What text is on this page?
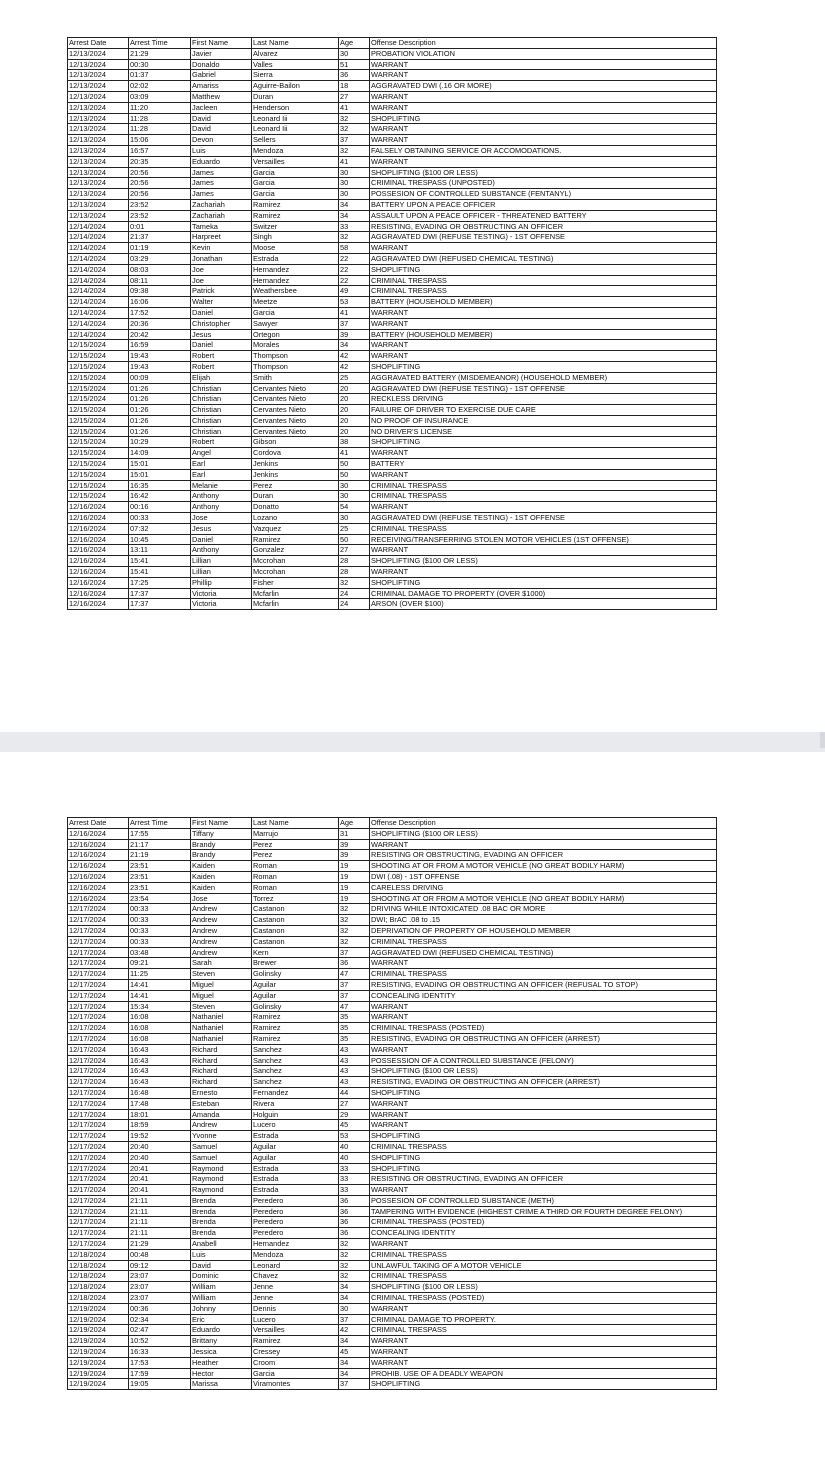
Arrest Date	Arrest Time	First Name	Last Name	Age	Offense Description
12/13/2024	21:29	Javier	Alvarez	30	PROBATION VIOLATION
12/13/2024	00:30	Donaldo	Valles	51	WARRANT
12/13/2024	01:37	Gabriel	Sierra	36	WARRANT
12/13/2024	02:02	Amariss	Aguirre-Bailon	18	AGGRAVATED DWI (.16 OR MORE)
12/13/2024	03:09	Matthew	Duran	27	WARRANT
12/13/2024	11:20	Jacleen	Henderson	41	WARRANT
12/13/2024	11:28	David	Leonard Iii	32	SHOPLIFTING
12/13/2024	11:28	David	Leonard Iii	32	WARRANT
12/13/2024	15:06	Devon	Sellers	37	WARRANT
12/13/2024	16:57	Luis	Mendoza	32	FALSELY OBTAINING SERVICE OR ACCOMODATIONS.
12/13/2024	20:35	Eduardo	Versailles	41	WARRANT
12/13/2024	20:56	James	Garcia	30	SHOPLIFTING ($100 OR LESS)
12/13/2024	20:56	James	Garcia	30	CRIMINAL TRESPASS (UNPOSTED)
12/13/2024	20:56	James	Garcia	30	POSSESION OF CONTROLLED SUBSTANCE (FENTANYL)
12/13/2024	23:52	Zachariah	Ramirez	34	BATTERY UPON A PEACE OFFICER
12/13/2024	23:52	Zachariah	Ramirez	34	ASSAULT UPON A PEACE OFFICER - THREATENED BATTERY
12/14/2024	0:01	Tameka	Switzer	33	RESISTING, EVADING OR OBSTRUCTING AN OFFICER
12/14/2024	21:37	Harpreet	Singh	32	AGGRAVATED DWI (REFUSE TESTING) - 1ST OFFENSE
12/14/2024	01:19	Kevin	Moose	58	WARRANT
12/14/2024	03:29	Jonathan	Estrada	22	AGGRAVATED DWI (REFUSED CHEMICAL TESTING)
12/14/2024	08:03	Joe	Hernandez	22	SHOPLIFTING
12/14/2024	08:11	Joe	Hernandez	22	CRIMINAL TRESPASS
12/14/2024	09:38	Patrick	Weathersbee	49	CRIMINAL TRESPASS
12/14/2024	16:06	Walter	Meetze	53	BATTERY (HOUSEHOLD MEMBER)
12/14/2024	17:52	Daniel	Garcia	41	WARRANT
12/14/2024	20:36	Christopher	Sawyer	37	WARRANT
12/14/2024	20:42	Jesus	Ortegon	39	BATTERY (HOUSEHOLD MEMBER)
12/15/2024	16:59	Daniel	Morales	34	WARRANT
12/15/2024	19:43	Robert	Thompson	42	WARRANT
12/15/2024	19:43	Robert	Thompson	42	SHOPLIFTING
12/15/2024	00:09	Elijah	Smith	25	AGGRAVATED BATTERY (MISDEMEANOR) (HOUSEHOLD MEMBER)
12/15/2024	01:26	Christian	Cervantes Nieto	20	AGGRAVATED DWI (REFUSE TESTING) - 1ST OFFENSE
12/15/2024	01:26	Christian	Cervantes Nieto	20	RECKLESS DRIVING
12/15/2024	01:26	Christian	Cervantes Nieto	20	FAILURE OF DRIVER TO EXERCISE DUE CARE
12/15/2024	01:26	Christian	Cervantes Nieto	20	NO PROOF OF INSURANCE
12/15/2024	01:26	Christian	Cervantes Nieto	20	NO DRIVER'S LICENSE
12/15/2024	10:29	Robert	Gibson	38	SHOPLIFTING
12/15/2024	14:09	Angel	Cordova	41	WARRANT
12/15/2024	15:01	Earl	Jenkins	50	BATTERY
12/15/2024	15:01	Earl	Jenkins	50	WARRANT
12/15/2024	16:35	Melanie	Perez	30	CRIMINAL TRESPASS
12/15/2024	16:42	Anthony	Duran	30	CRIMINAL TRESPASS
12/16/2024	00:16	Anthony	Donatto	54	WARRANT
12/16/2024	00:33	Jose	Lozano	30	AGGRAVATED DWI (REFUSE TESTING) - 1ST OFFENSE
12/16/2024	07:32	Jesus	Vazquez	25	CRIMINAL TRESPASS
12/16/2024	10:45	Daniel	Ramirez	50	RECEIVING/TRANSFERRING STOLEN MOTOR VEHICLES (1ST OFFENSE)
12/16/2024	13:11	Anthony	Gonzalez	27	WARRANT
12/16/2024	15:41	Lillian	Mccrohan	28	SHOPLIFTING ($100 OR LESS)
12/16/2024	15:41	Lillian	Mccrohan	28	WARRANT
12/16/2024	17:25	Phillip	Fisher	32	SHOPLIFTING
12/16/2024	17:37	Victoria	Mcfarlin	24	CRIMINAL DAMAGE TO PROPERTY (OVER $1000)
12/16/2024	17:37	Victoria	Mcfarlin	24	ARSON (OVER $100)
Arrest Date	Arrest Time	First Name	Last Name	Age	Offense Description
12/16/2024	17:55	Tiffany	Marrujo	31	SHOPLIFTING ($100 OR LESS)
12/16/2024	21:17	Brandy	Perez	39	WARRANT
12/16/2024	21:19	Brandy	Perez	39	RESISTING OR OBSTRUCTING, EVADING AN OFFICER
12/16/2024	23:51	Kaiden	Roman	19	SHOOTING AT OR FROM A MOTOR VEHICLE (NO GREAT BODILY HARM)
12/16/2024	23:51	Kaiden	Roman	19	DWI (.08) - 1ST OFFENSE
12/16/2024	23:51	Kaiden	Roman	19	CARELESS DRIVING
12/16/2024	23:54	Jose	Torrez	19	SHOOTING AT OR FROM A MOTOR VEHICLE (NO GREAT BODILY HARM)
12/17/2024	00:33	Andrew	Castanon	32	DRIVING WHILE INTOXICATED .08 BAC OR MORE
12/17/2024	00:33	Andrew	Castanon	32	DWI; BrAC .08 to .15
12/17/2024	00:33	Andrew	Castanon	32	DEPRIVATION OF PROPERTY OF HOUSEHOLD MEMBER
12/17/2024	00:33	Andrew	Castanon	32	CRIMINAL TRESPASS
12/17/2024	03:48	Andrew	Kern	37	AGGRAVATED DWI (REFUSED CHEMICAL TESTING)
12/17/2024	09:21	Sarah	Brewer	36	WARRANT
12/17/2024	11:25	Steven	Golinsky	47	CRIMINAL TRESPASS
12/17/2024	14:41	Miguel	Aguilar	37	RESISTING, EVADING OR OBSTRUCTING AN OFFICER (REFUSAL TO STOP)
12/17/2024	14:41	Miguel	Aguilar	37	CONCEALING IDENTITY
12/17/2024	15:34	Steven	Golinsky	47	WARRANT
12/17/2024	16:08	Nathaniel	Ramirez	35	WARRANT
12/17/2024	16:08	Nathaniel	Ramirez	35	CRIMINAL TRESPASS (POSTED)
12/17/2024	16:08	Nathaniel	Ramirez	35	RESISTING, EVADING OR OBSTRUCTING AN OFFICER (ARREST)
12/17/2024	16:43	Richard	Sanchez	43	WARRANT
12/17/2024	16:43	Richard	Sanchez	43	POSSESSION OF A CONTROLLED SUBSTANCE (FELONY)
12/17/2024	16:43	Richard	Sanchez	43	SHOPLIFTING ($100 OR LESS)
12/17/2024	16:43	Richard	Sanchez	43	RESISTING, EVADING OR OBSTRUCTING AN OFFICER (ARREST)
12/17/2024	16:48	Ernesto	Fernandez	44	SHOPLIFTING
12/17/2024	17:48	Esteban	Rivera	27	WARRANT
12/17/2024	18:01	Amanda	Holguin	29	WARRANT
12/17/2024	18:59	Andrew	Lucero	45	WARRANT
12/17/2024	19:52	Yvonne	Estrada	53	SHOPLIFTING
12/17/2024	20:40	Samuel	Aguilar	40	CRIMINAL TRESPASS
12/17/2024	20:40	Samuel	Aguilar	40	SHOPLIFTING
12/17/2024	20:41	Raymond	Estrada	33	SHOPLIFTING
12/17/2024	20:41	Raymond	Estrada	33	RESISTING OR OBSTRUCTING, EVADING AN OFFICER
12/17/2024	20:41	Raymond	Estrada	33	WARRANT
12/17/2024	21:11	Brenda	Peredero	36	POSSESION OF CONTROLLED SUBSTANCE (METH)
12/17/2024	21:11	Brenda	Peredero	36	TAMPERING WITH EVIDENCE (HIGHEST CRIME A THIRD OR FOURTH DEGREE FELONY)
12/17/2024	21:11	Brenda	Peredero	36	CRIMINAL TRESPASS (POSTED)
12/17/2024	21:11	Brenda	Peredero	36	CONCEALING IDENTITY
12/17/2024	21:29	Anabell	Hernandez	32	WARRANT
12/18/2024	00:48	Luis	Mendoza	32	CRIMINAL TRESPASS
12/18/2024	09:12	David	Leonard	32	UNLAWFUL TAKING OF A MOTOR VEHICLE
12/18/2024	23:07	Dominic	Chavez	32	CRIMINAL TRESPASS
12/18/2024	23:07	William	Jenne	34	SHOPLIFTING ($100 OR LESS)
12/18/2024	23:07	William	Jenne	34	CRIMINAL TRESPASS (POSTED)
12/19/2024	00:36	Johnny	Dennis	30	WARRANT
12/19/2024	02:34	Eric	Lucero	37	CRIMINAL DAMAGE TO PROPERTY.
12/19/2024	02:47	Eduardo	Versailles	42	CRIMINAL TRESPASS
12/19/2024	10:52	Brittany	Ramirez	34	WARRANT
12/19/2024	16:33	Jessica	Cressey	45	WARRANT
12/19/2024	17:53	Heather	Croom	34	WARRANT
12/19/2024	17:59	Hector	Garcia	34	PROHIB. USE OF A DEADLY WEAPON
12/19/2024	19:05	Marissa	Viramontes	37	SHOPLIFTING
